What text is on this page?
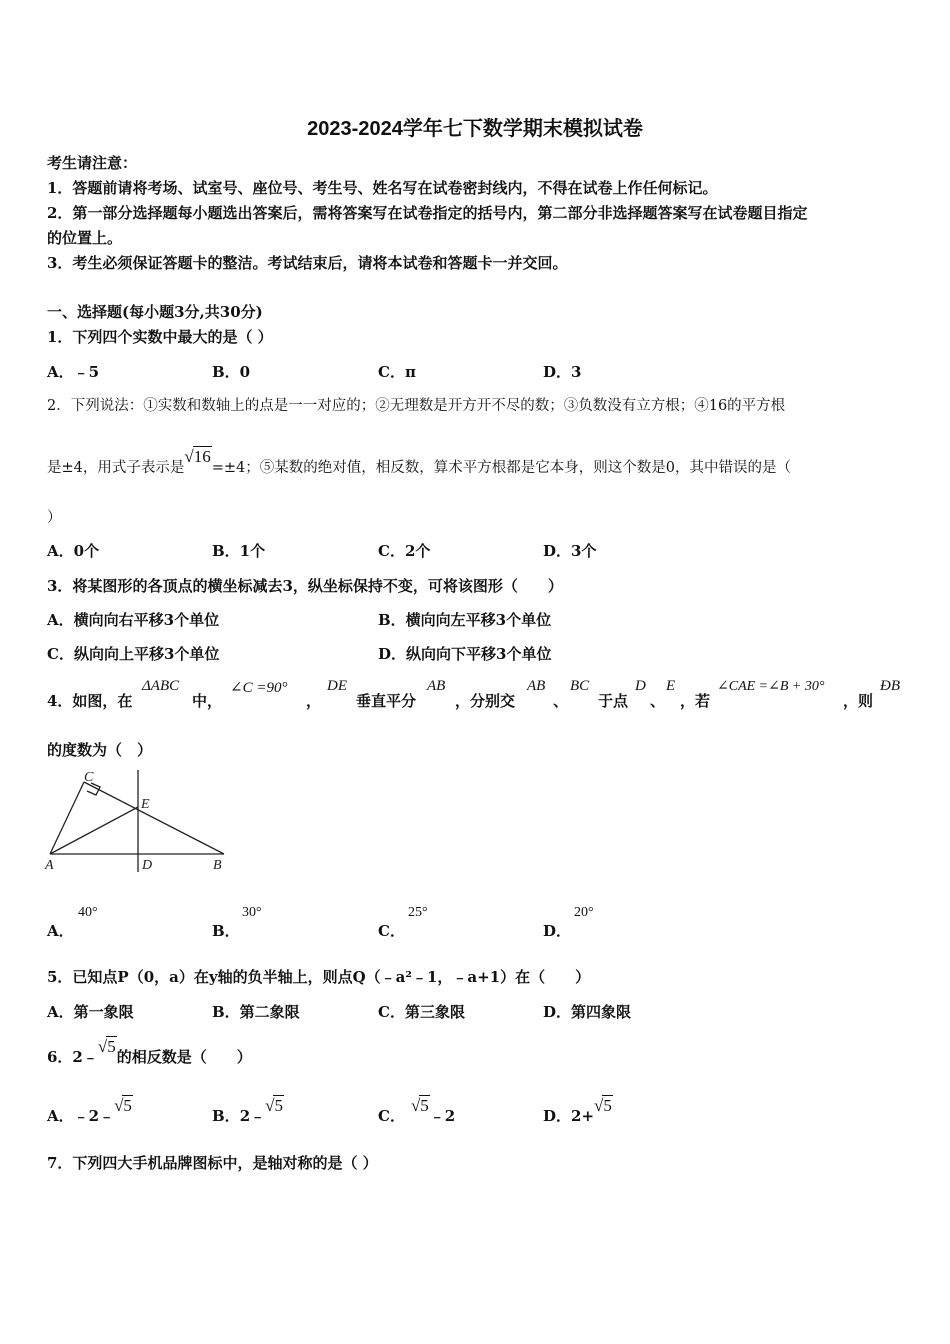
2023-2024学年七下数学期末模拟试卷
考生请注意：
1．答题前请将考场、试室号、座位号、考生号、姓名写在试卷密封线内，不得在试卷上作任何标记。
2．第一部分选择题每小题选出答案后，需将答案写在试卷指定的括号内，第二部分非选择题答案写在试卷题目指定
的位置上。
3．考生必须保证答题卡的整洁。考试结束后，请将本试卷和答题卡一并交回。
一、选择题(每小题3分,共30分)
1．下列四个实数中最大的是（ ）
A．﹣5	B．0	C．π	D．3
2．下列说法：①实数和数轴上的点是一一对应的；②无理数是开方开不尽的数；③负数没有立方根；④16的平方根
是±4，用式子表示是√16=±4；⑤某数的绝对值，相反数，算术平方根都是它本身，则这个数是0，其中错误的是（
）
A．0个	B．1个	C．2个	D．3个
3．将某图形的各顶点的横坐标减去3，纵坐标保持不变，可将该图形（　　）
A．横向向右平移3个单位	B．横向向左平移3个单位
C．纵向向上平移3个单位	D．纵向向下平移3个单位
4．如图，在
ΔABC
中，
∠C =90°
，
DE
垂直平分
AB
，分别交
AB
、
BC
于点
D
、
E
，若
∠CAE =∠B + 30°
，则
ÐB
的度数为（　）
C
E
A	D	B
A．
40°
B．
30°
C．
25°
D．
20°
5．已知点P（0，a）在y轴的负半轴上，则点Q（﹣a²﹣1，﹣a+1）在（　　）
A．第一象限	B．第二象限	C．第三象限	D．第四象限
6．2﹣√5的相反数是（　　）
A．﹣2﹣√5
B．2﹣√5
C．√5﹣2	D．2+√5
7．下列四大手机品牌图标中，是轴对称的是（ ）
